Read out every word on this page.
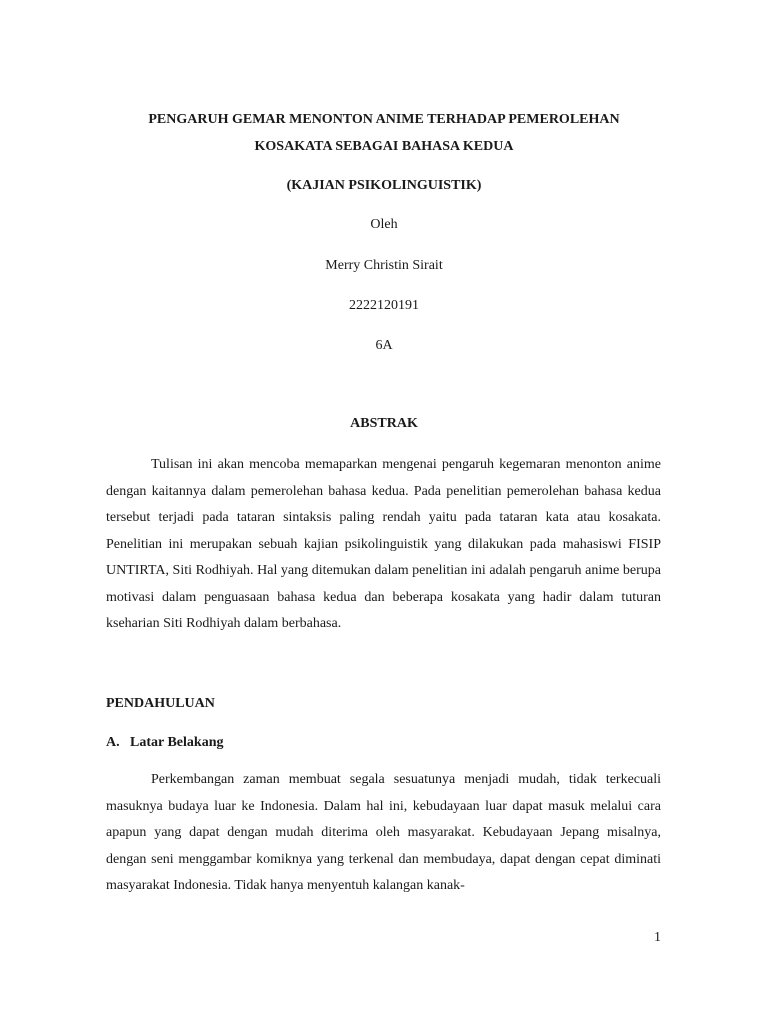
PENGARUH GEMAR MENONTON ANIME TERHADAP PEMEROLEHAN
KOSAKATA SEBAGAI BAHASA KEDUA
(KAJIAN PSIKOLINGUISTIK)
Oleh
Merry Christin Sirait
2222120191
6A
ABSTRAK
Tulisan ini akan mencoba memaparkan mengenai pengaruh kegemaran menonton anime dengan kaitannya dalam pemerolehan bahasa kedua. Pada penelitian pemerolehan bahasa kedua tersebut terjadi pada tataran sintaksis paling rendah yaitu pada tataran kata atau kosakata. Penelitian ini merupakan sebuah kajian psikolinguistik yang dilakukan pada mahasiswi FISIP UNTIRTA, Siti Rodhiyah. Hal yang ditemukan dalam penelitian ini adalah pengaruh anime berupa motivasi dalam penguasaan bahasa kedua dan beberapa kosakata yang hadir dalam tuturan kseharian Siti Rodhiyah dalam berbahasa.
PENDAHULUAN
A. Latar Belakang
Perkembangan zaman membuat segala sesuatunya menjadi mudah, tidak terkecuali masuknya budaya luar ke Indonesia. Dalam hal ini, kebudayaan luar dapat masuk melalui cara apapun yang dapat dengan mudah diterima oleh masyarakat. Kebudayaan Jepang misalnya, dengan seni menggambar komiknya yang terkenal dan membudaya, dapat dengan cepat diminati masyarakat Indonesia. Tidak hanya menyentuh kalangan kanak-
1
